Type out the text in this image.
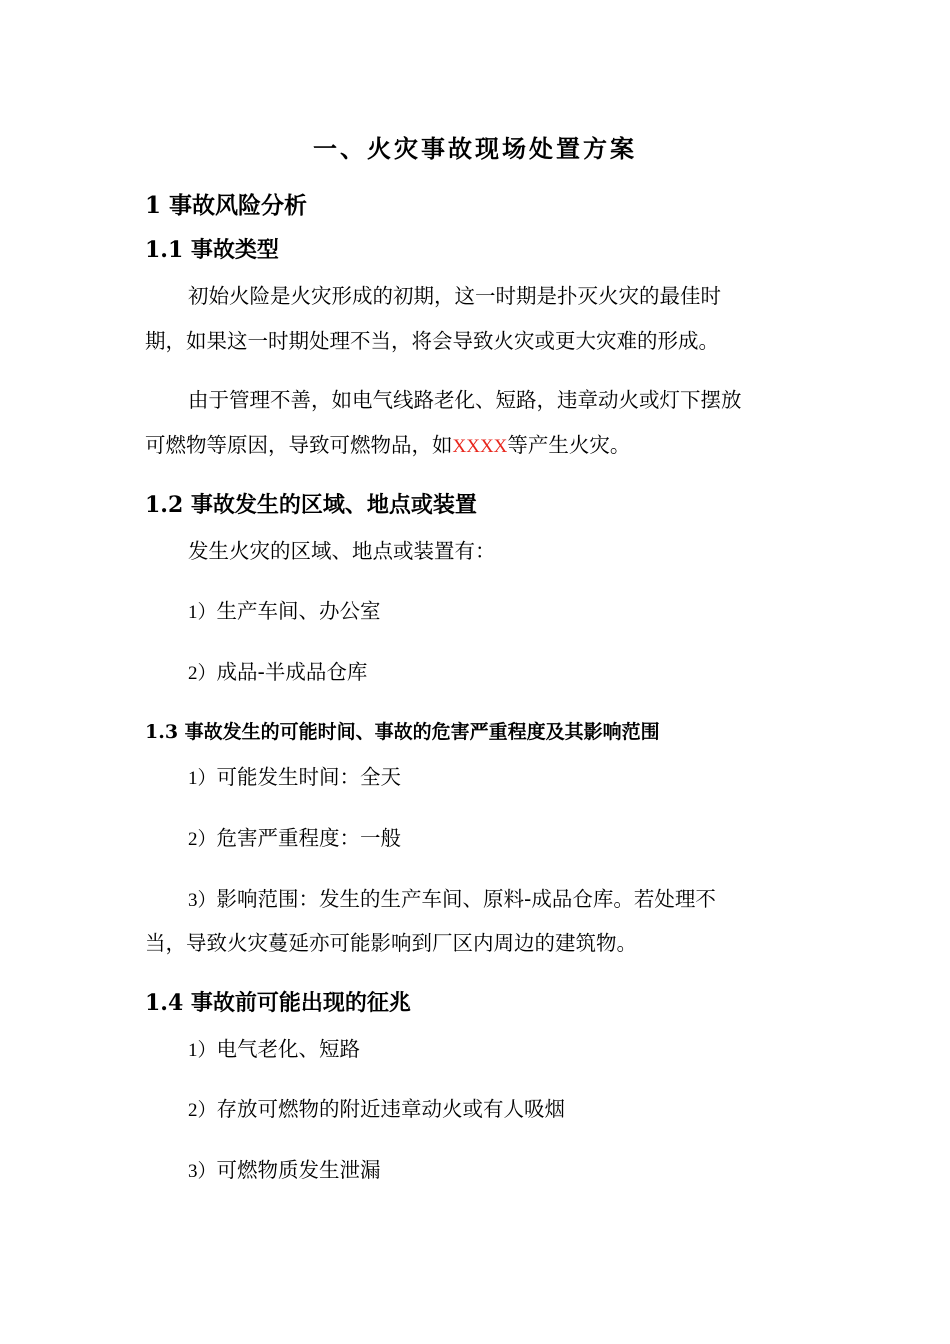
一、火灾事故现场处置方案
1 事故风险分析
1.1 事故类型
初始火险是火灾形成的初期，这一时期是扑灭火灾的最佳时
期，如果这一时期处理不当，将会导致火灾或更大灾难的形成。
由于管理不善，如电气线路老化、短路，违章动火或灯下摆放
可燃物等原因，导致可燃物品，如XXXX等产生火灾。
1.2 事故发生的区域、地点或装置
发生火灾的区域、地点或装置有：
1）生产车间、办公室
2）成品-半成品仓库
1.3 事故发生的可能时间、事故的危害严重程度及其影响范围
1）可能发生时间：全天
2）危害严重程度：一般
3）影响范围：发生的生产车间、原料-成品仓库。若处理不
当，导致火灾蔓延亦可能影响到厂区内周边的建筑物。
1.4 事故前可能出现的征兆
1）电气老化、短路
2）存放可燃物的附近违章动火或有人吸烟
3）可燃物质发生泄漏
